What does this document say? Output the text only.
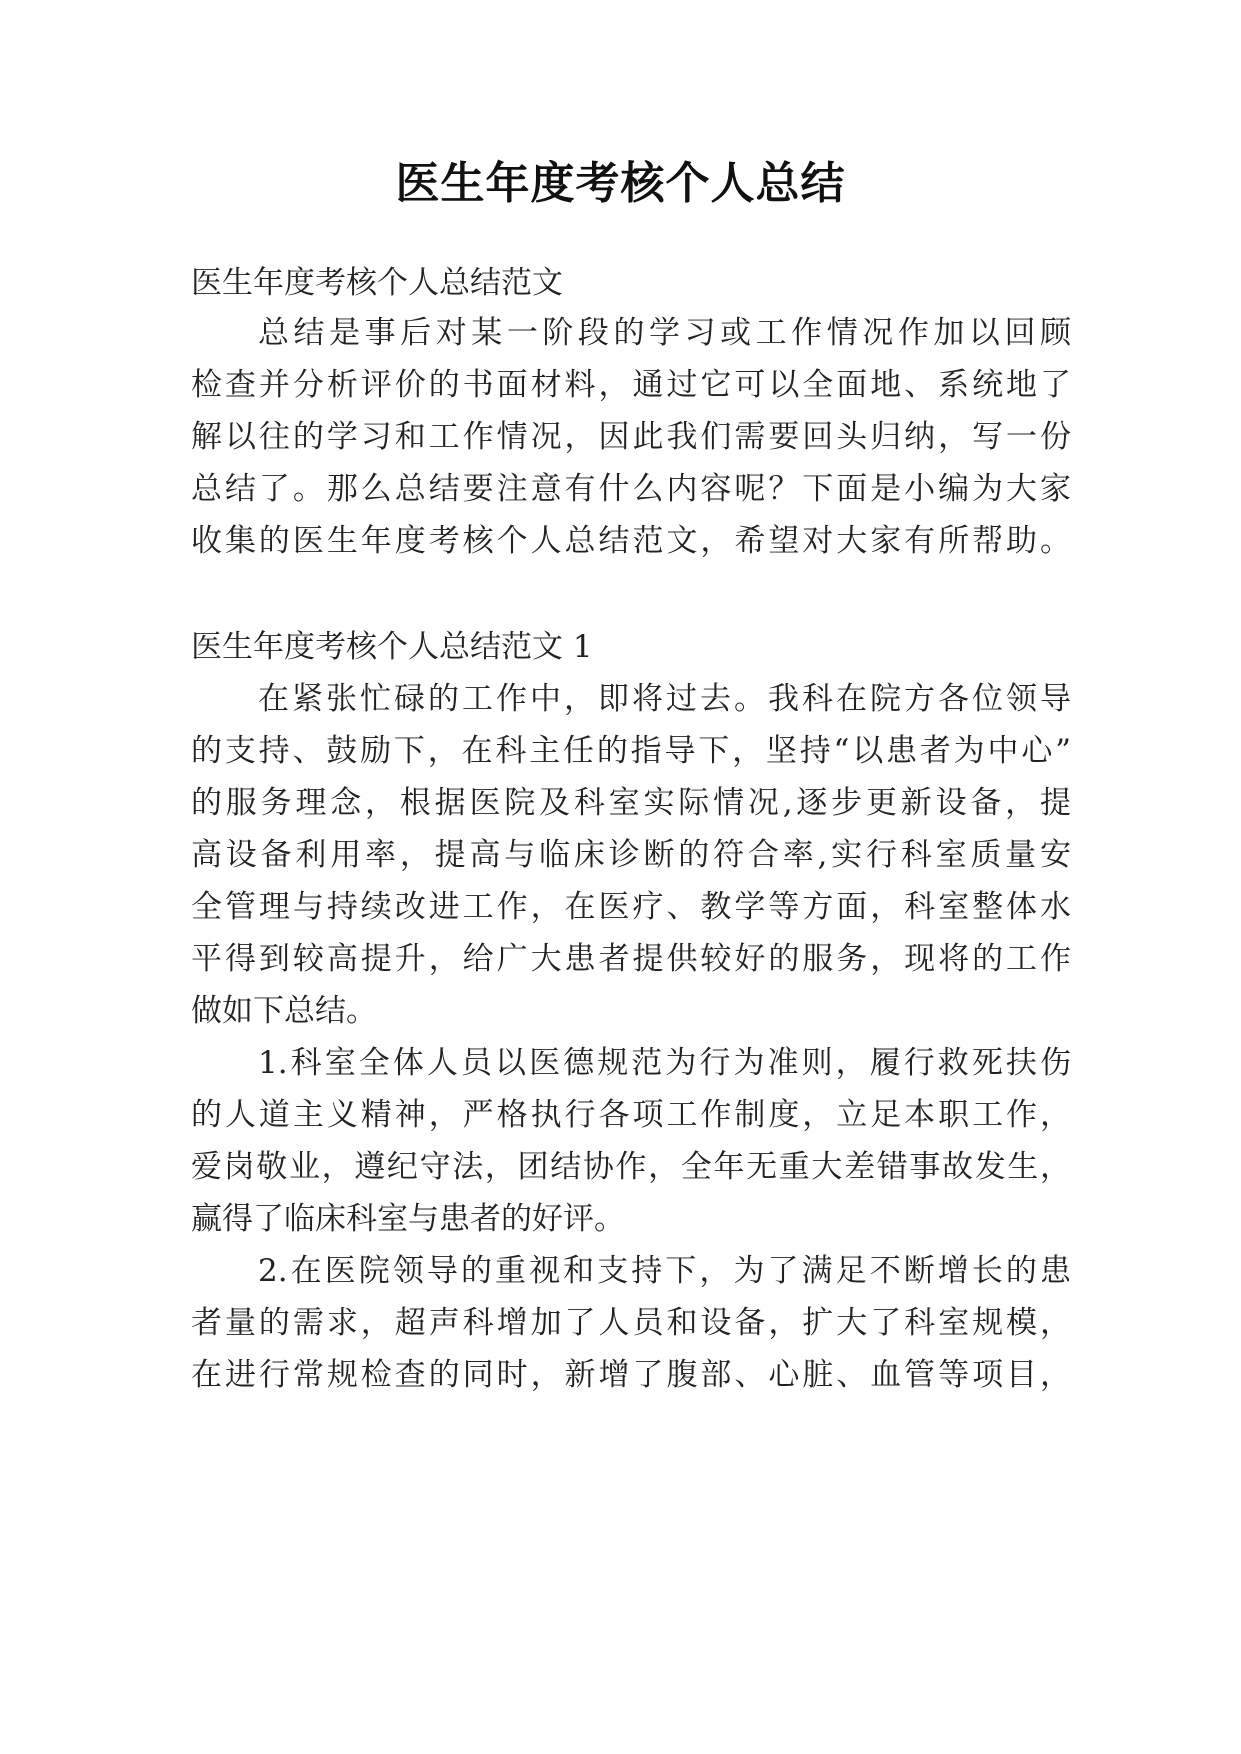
医生年度考核个人总结
医生年度考核个人总结范文
总结是事后对某一阶段的学习或工作情况作加以回顾
检查并分析评价的书面材料，通过它可以全面地、系统地了
解以往的学习和工作情况，因此我们需要回头归纳，写一份
总结了。那么总结要注意有什么内容呢？下面是小编为大家
收集的医生年度考核个人总结范文，希望对大家有所帮助。
医生年度考核个人总结范文 1
在紧张忙碌的工作中，即将过去。我科在院方各位领导
的支持、鼓励下，在科主任的指导下，坚持“以患者为中心”
的服务理念，根据医院及科室实际情况,逐步更新设备，提
高设备利用率，提高与临床诊断的符合率,实行科室质量安
全管理与持续改进工作，在医疗、教学等方面，科室整体水
平得到较高提升，给广大患者提供较好的服务，现将的工作
做如下总结。
1.科室全体人员以医德规范为行为准则，履行救死扶伤
的人道主义精神，严格执行各项工作制度，立足本职工作，
爱岗敬业，遵纪守法，团结协作，全年无重大差错事故发生，
赢得了临床科室与患者的好评。
2.在医院领导的重视和支持下，为了满足不断增长的患
者量的需求，超声科增加了人员和设备，扩大了科室规模，
在进行常规检查的同时，新增了腹部、心脏、血管等项目，
